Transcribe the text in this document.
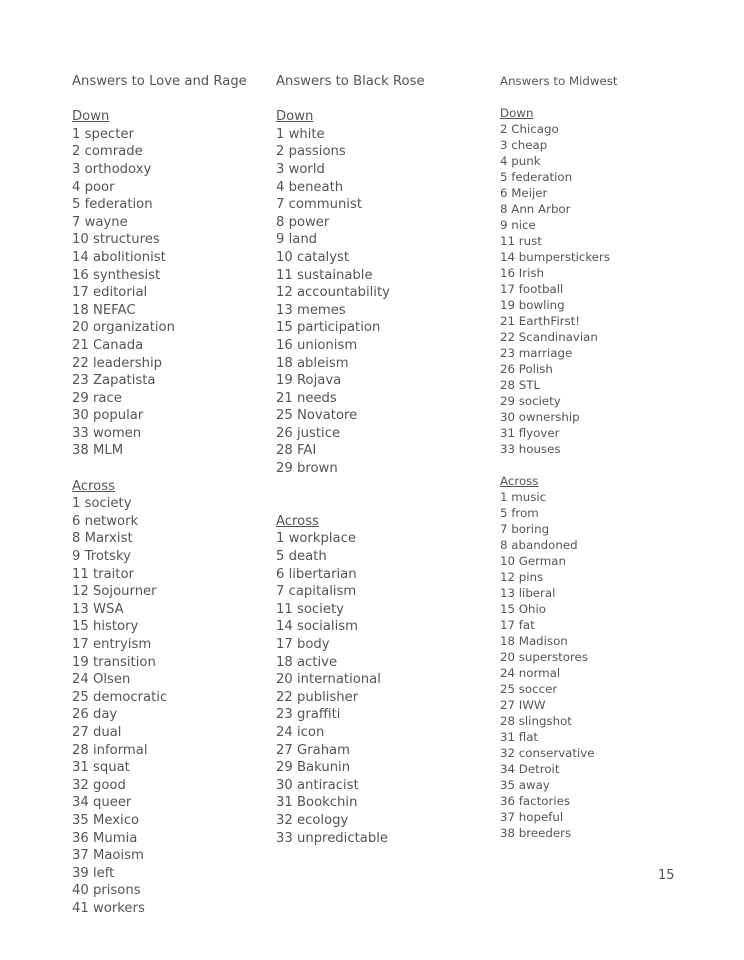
Answers to Love and Rage
Down
1 specter
2 comrade
3 orthodoxy
4 poor
5 federation
7 wayne
10 structures
14 abolitionist
16 synthesist
17 editorial
18 NEFAC
20 organization
21 Canada
22 leadership
23 Zapatista
29 race
30 popular
33 women
38 MLM
Across
1 society
6 network
8 Marxist
9 Trotsky
11 traitor
12 Sojourner
13 WSA
15 history
17 entryism
19 transition
24 Olsen
25 democratic
26 day
27 dual
28 informal
31 squat
32 good
34 queer
35 Mexico
36 Mumia
37 Maoism
39 left
40 prisons
41 workers
Answers to Black Rose
Down
1 white
2 passions
3 world
4 beneath
7 communist
8 power
9 land
10 catalyst
11 sustainable
12 accountability
13 memes
15 participation
16 unionism
18 ableism
19 Rojava
21 needs
25 Novatore
26 justice
28 FAI
29 brown
Across
1 workplace
5 death
6 libertarian
7 capitalism
11 society
14 socialism
17 body
18 active
20 international
22 publisher
23 graffiti
24 icon
27 Graham
29 Bakunin
30 antiracist
31 Bookchin
32 ecology
33 unpredictable
Answers to Midwest
Down
2 Chicago
3 cheap
4 punk
5 federation
6 Meijer
8 Ann Arbor
9 nice
11 rust
14 bumperstickers
16 Irish
17 football
19 bowling
21 EarthFirst!
22 Scandinavian
23 marriage
26 Polish
28 STL
29 society
30 ownership
31 flyover
33 houses
Across
1 music
5 from
7 boring
8 abandoned
10 German
12 pins
13 liberal
15 Ohio
17 fat
18 Madison
20 superstores
24 normal
25 soccer
27 IWW
28 slingshot
31 flat
32 conservative
34 Detroit
35 away
36 factories
37 hopeful
38 breeders
15
